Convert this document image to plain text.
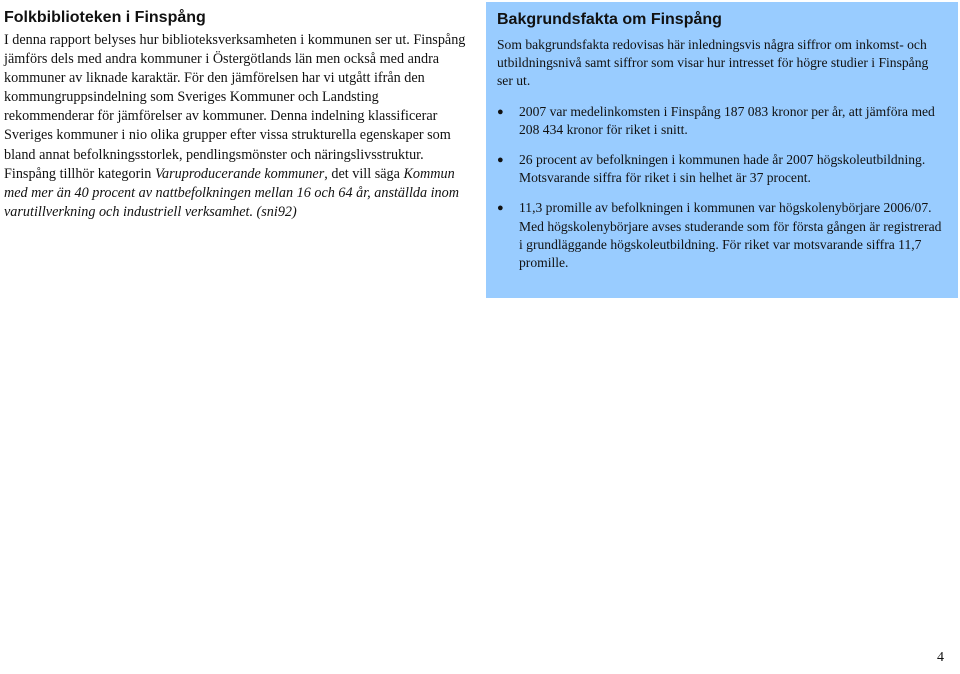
Folkbiblioteken i Finspång

I denna rapport belyses hur biblioteksverksamheten i kommunen ser ut. Finspång jämförs dels med andra kommuner i Östergötlands län men också med andra kommuner av liknade karaktär. För den jämförelsen har vi utgått ifrån den kommungruppsindelning som Sveriges Kommuner och Landsting rekommenderar för jämförelser av kommuner. Denna indelning klassificerar Sveriges kommuner i nio olika grupper efter vissa strukturella egenskaper som bland annat befolkningsstorlek, pendlingsmönster och näringslivsstruktur. Finspång tillhör kategorin Varuproducerande kommuner, det vill säga Kommun med mer än 40 procent av nattbefolkningen mellan 16 och 64 år, anställda inom varutillverkning och industriell verksamhet. (sni92)

Bakgrundsfakta om Finspång

Som bakgrundsfakta redovisas här inledningsvis några siffror om inkomst- och utbildningsnivå samt siffror som visar hur intresset för högre studier i Finspång ser ut.

● 2007 var medelinkomsten i Finspång 187 083 kronor per år, att jämföra med 208 434 kronor för riket i snitt.
● 26 procent av befolkningen i kommunen hade år 2007 högskoleutbildning. Motsvarande siffra för riket i sin helhet är 37 procent.
● 11,3 promille av befolkningen i kommunen var högskolenybörjare 2006/07. Med högskolenybörjare avses studerande som för första gången är registrerad i grundläggande högskoleutbildning. För riket var motsvarande siffra 11,7 promille.
4
